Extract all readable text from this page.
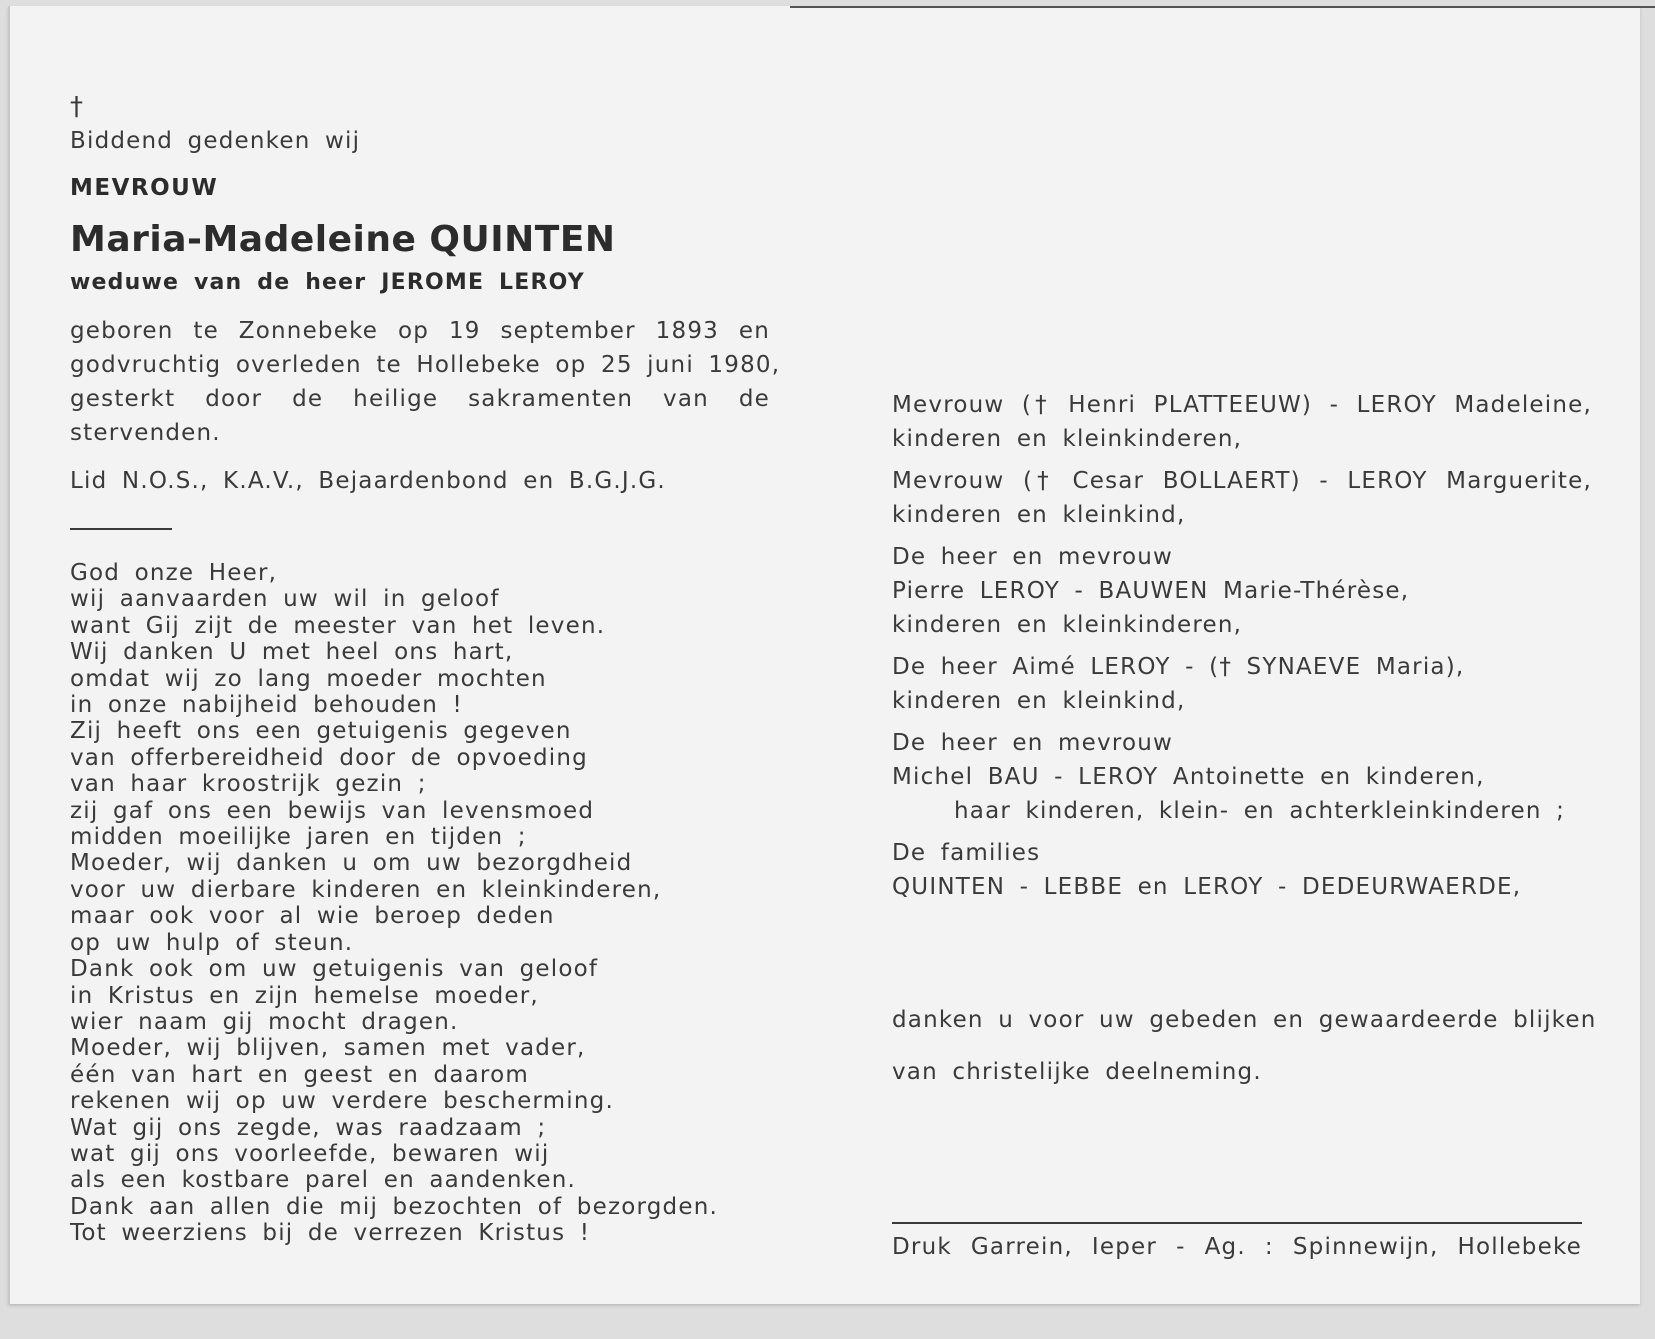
†
Biddend gedenken wij
MEVROUW
Maria-Madeleine QUINTEN
weduwe van de heer JEROME LEROY
geboren te Zonnebeke op 19 september 1893 en
godvruchtig overleden te Hollebeke op 25 juni 1980,
gesterkt door de heilige sakramenten van de
stervenden.
Lid N.O.S., K.A.V., Bejaardenbond en B.G.J.G.
God onze Heer,
wij aanvaarden uw wil in geloof
want Gij zijt de meester van het leven.
Wij danken U met heel ons hart,
omdat wij zo lang moeder mochten
in onze nabijheid behouden !
Zij heeft ons een getuigenis gegeven
van offerbereidheid door de opvoeding
van haar kroostrijk gezin ;
zij gaf ons een bewijs van levensmoed
midden moeilijke jaren en tijden ;
Moeder, wij danken u om uw bezorgdheid
voor uw dierbare kinderen en kleinkinderen,
maar ook voor al wie beroep deden
op uw hulp of steun.
Dank ook om uw getuigenis van geloof
in Kristus en zijn hemelse moeder,
wier naam gij mocht dragen.
Moeder, wij blijven, samen met vader,
één van hart en geest en daarom
rekenen wij op uw verdere bescherming.
Wat gij ons zegde, was raadzaam ;
wat gij ons voorleefde, bewaren wij
als een kostbare parel en aandenken.
Dank aan allen die mij bezochten of bezorgden.
Tot weerziens bij de verrezen Kristus !
Mevrouw († Henri PLATTEEUW) - LEROY Madeleine,
kinderen en kleinkinderen,
Mevrouw († Cesar BOLLAERT) - LEROY Marguerite,
kinderen en kleinkind,
De heer en mevrouw
Pierre LEROY - BAUWEN Marie-Thérèse,
kinderen en kleinkinderen,
De heer Aimé LEROY - († SYNAEVE Maria),
kinderen en kleinkind,
De heer en mevrouw
Michel BAU - LEROY Antoinette en kinderen,
haar kinderen, klein- en achterkleinkinderen ;
De families
QUINTEN - LEBBE en LEROY - DEDEURWAERDE,
danken u voor uw gebeden en gewaardeerde blijken
van christelijke deelneming.
Druk Garrein, Ieper - Ag. : Spinnewijn, Hollebeke
